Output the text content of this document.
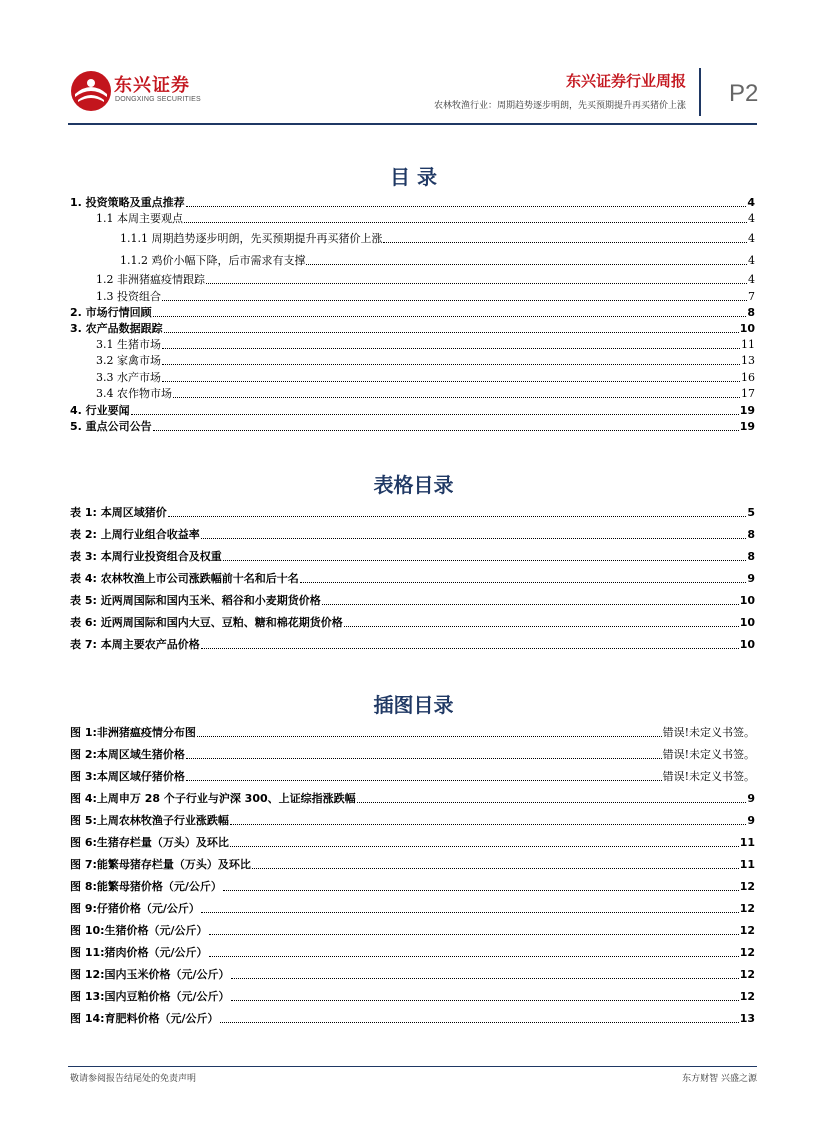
东兴证券
DONGXING SECURITIES
东兴证券行业周报
农林牧渔行业：周期趋势逐步明朗，先买预期提升再买猪价上涨 P2
目 录
1. 投资策略及重点推荐	4
1.1 本周主要观点	4
1.1.1 周期趋势逐步明朗，先买预期提升再买猪价上涨	4
1.1.2 鸡价小幅下降，后市需求有支撑	4
1.2 非洲猪瘟疫情跟踪	4
1.3 投资组合	7
2. 市场行情回顾	8
3. 农产品数据跟踪	10
3.1 生猪市场	11
3.2 家禽市场	13
3.3 水产市场	16
3.4 农作物市场	17
4. 行业要闻	19
5. 重点公司公告	19
表格目录
表 1: 本周区域猪价	5
表 2: 上周行业组合收益率	8
表 3: 本周行业投资组合及权重	8
表 4: 农林牧渔上市公司涨跌幅前十名和后十名	9
表 5: 近两周国际和国内玉米、稻谷和小麦期货价格	10
表 6: 近两周国际和国内大豆、豆粕、糖和棉花期货价格	10
表 7: 本周主要农产品价格	10
插图目录
图 1:非洲猪瘟疫情分布图	错误!未定义书签。
图 2:本周区域生猪价格	错误!未定义书签。
图 3:本周区域仔猪价格	错误!未定义书签。
图 4:上周申万 28 个子行业与沪深 300、上证综指涨跌幅	9
图 5:上周农林牧渔子行业涨跌幅	9
图 6:生猪存栏量（万头）及环比	11
图 7:能繁母猪存栏量（万头）及环比	11
图 8:能繁母猪价格（元/公斤）	12
图 9:仔猪价格（元/公斤）	12
图 10:生猪价格（元/公斤）	12
图 11:猪肉价格（元/公斤）	12
图 12:国内玉米价格（元/公斤）	12
图 13:国内豆粕价格（元/公斤）	12
图 14:育肥料价格（元/公斤）	13
敬请参阅报告结尾处的免责声明	东方财智 兴盛之源
